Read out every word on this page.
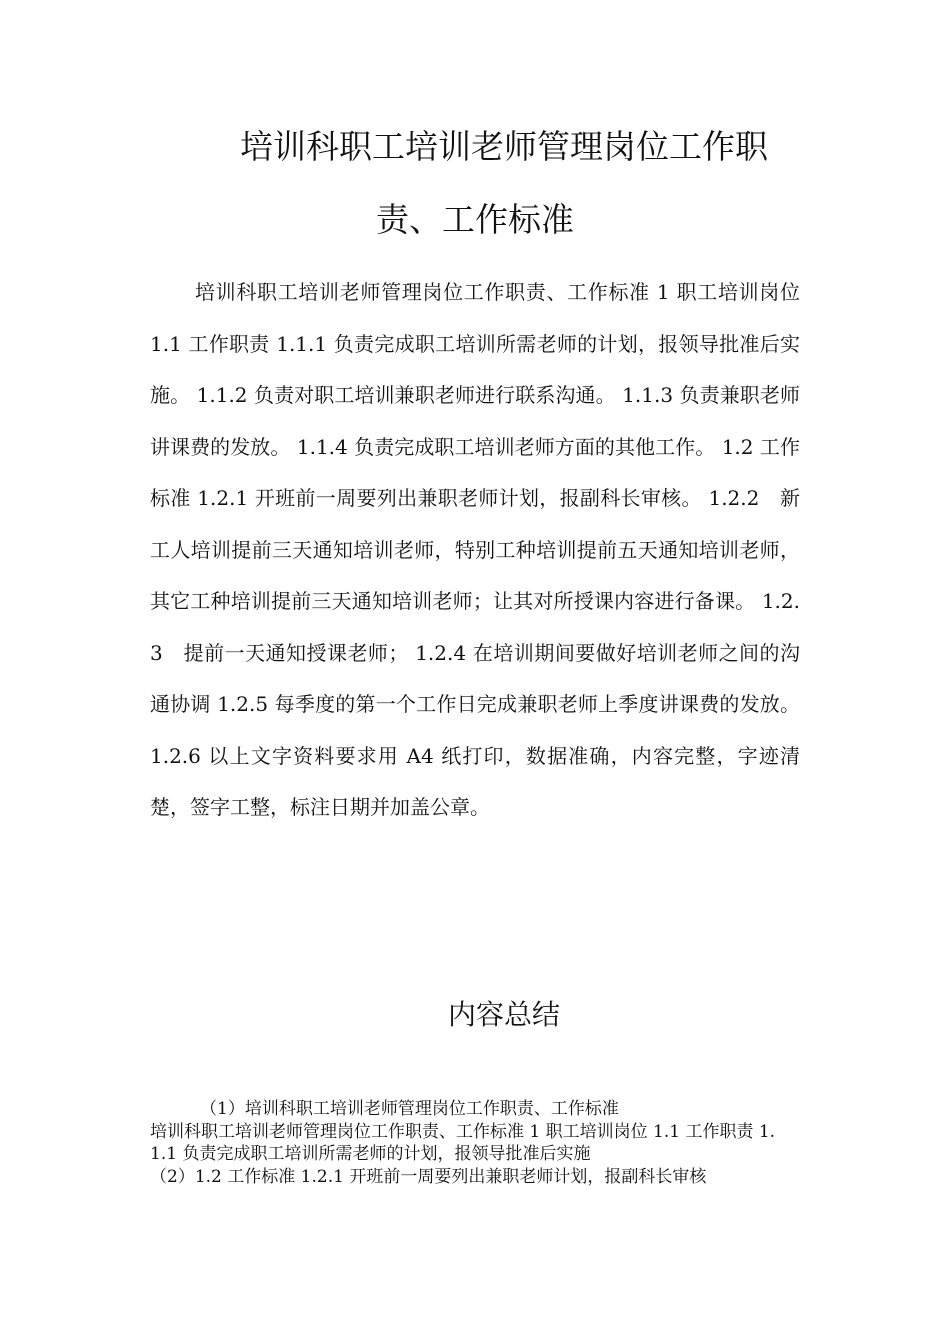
培训科职工培训老师管理岗位工作职
责、工作标准

培训科职工培训老师管理岗位工作职责、工作标准 1 职工培训岗位 1.1 工作职责 1.1.1 负责完成职工培训所需老师的计划，报领导批准后实施。 1.1.2 负责对职工培训兼职老师进行联系沟通。 1.1.3 负责兼职老师讲课费的发放。 1.1.4 负责完成职工培训老师方面的其他工作。 1.2 工作标准 1.2.1 开班前一周要列出兼职老师计划，报副科长审核。 1.2.2　新工人培训提前三天通知培训老师，特别工种培训提前五天通知培训老师，其它工种培训提前三天通知培训老师；让其对所授课内容进行备课。 1.2.3　提前一天通知授课老师； 1.2.4 在培训期间要做好培训老师之间的沟通协调 1.2.5 每季度的第一个工作日完成兼职老师上季度讲课费的发放。 1.2.6 以上文字资料要求用 A4 纸打印，数据准确，内容完整，字迹清楚，签字工整，标注日期并加盖公章。

内容总结

（1）培训科职工培训老师管理岗位工作职责、工作标准

培训科职工培训老师管理岗位工作职责、工作标准 1 职工培训岗位 1.1 工作职责 1.1.1 负责完成职工培训所需老师的计划，报领导批准后实施

（2）1.2 工作标准 1.2.1 开班前一周要列出兼职老师计划，报副科长审核
